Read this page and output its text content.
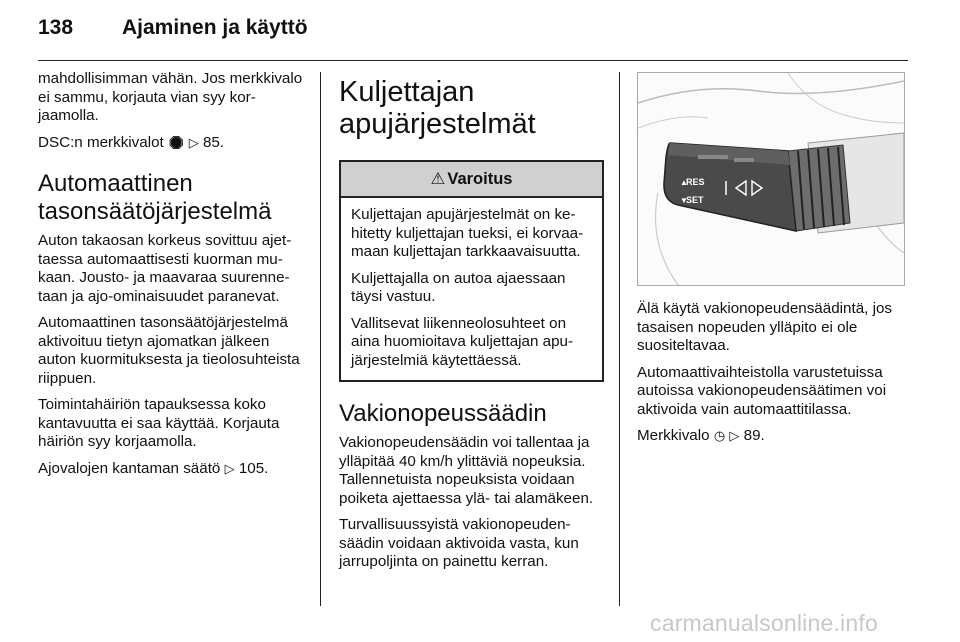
138	Ajaminen ja käyttö

mahdollisimman vähän. Jos merkkivalo ei sammu, korjauta vian syy korjaamolla.

DSC:n merkkivalot 🛑︎ ▷ 85.

Automaattinen tasonsäätöjärjestelmä

Auton takaosan korkeus sovittuu ajettaessa automaattisesti kuorman mukaan. Jousto- ja maavaraa suurennetaan ja ajo-ominaisuudet paranevat.

Automaattinen tasonsäätöjärjestelmä aktivoituu tietyn ajomatkan jälkeen auton kuormituksesta ja tieolosuhteista riippuen.

Toimintahäiriön tapauksessa koko kantavuutta ei saa käyttää. Korjauta häiriön syy korjaamolla.

Ajovalojen kantaman säätö ▷ 105.

Kuljettajan apujärjestelmät
⚠︎ Varoitus

Kuljettajan apujärjestelmät on kehitetty kuljettajan tueksi, ei korvaamaan kuljettajan tarkkaavaisuutta.

Kuljettajalla on autoa ajaessaan täysi vastuu.

Vallitsevat liikenneolosuhteet on aina huomioitava kuljettajan apujärjestelmiä käytettäessä.

Vakionopeussäädin

Vakionopeudensäädin voi tallentaa ja ylläpitää 40 km/h ylittäviä nopeuksia. Tallennetuista nopeuksista voidaan poiketa ajettaessa ylä- tai alamäkeen.

Turvallisuussyistä vakionopeudensäädin voidaan aktivoida vasta, kun jarrupoljinta on painettu kerran.

RES
SET
▲
▼

Älä käytä vakionopeudensäädintä, jos tasaisen nopeuden ylläpito ei ole suositeltavaa.

Automaattivaihteistolla varustetuissa autoissa vakionopeudensäätimen voi aktivoida vain automaattitilassa.

Merkkivalo ◷ ▷ 89.

carmanualsonline.info
